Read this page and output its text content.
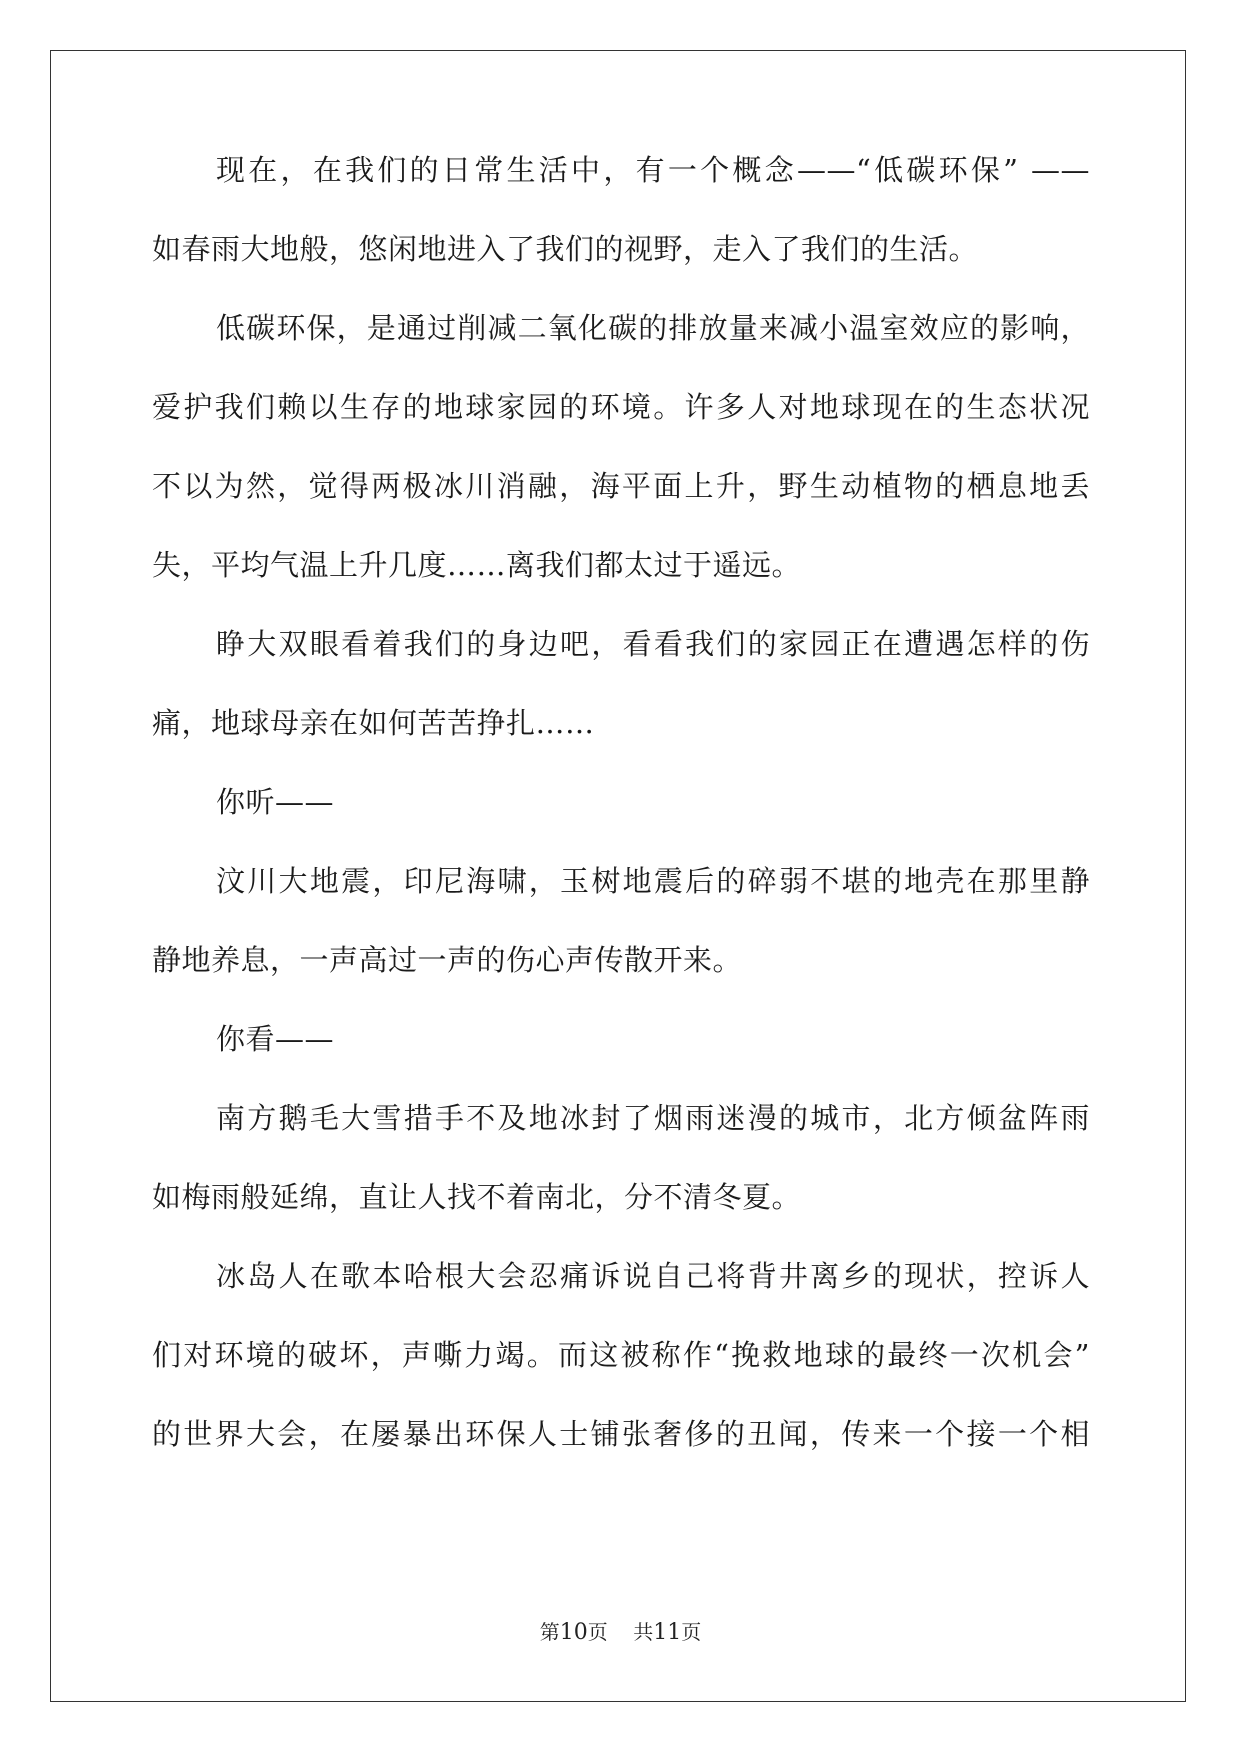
现在，在我们的日常生活中，有一个概念——“低碳环保” ——
如春雨大地般，悠闲地进入了我们的视野，走入了我们的生活。
低碳环保，是通过削减二氧化碳的排放量来减小温室效应的影响，
爱护我们赖以生存的地球家园的环境。许多人对地球现在的生态状况
不以为然，觉得两极冰川消融，海平面上升，野生动植物的栖息地丢
失，平均气温上升几度……离我们都太过于遥远。
睁大双眼看着我们的身边吧，看看我们的家园正在遭遇怎样的伤
痛，地球母亲在如何苦苦挣扎……
你听——
汶川大地震，印尼海啸，玉树地震后的碎弱不堪的地壳在那里静
静地养息，一声高过一声的伤心声传散开来。
你看——
南方鹅毛大雪措手不及地冰封了烟雨迷漫的城市，北方倾盆阵雨
如梅雨般延绵，直让人找不着南北，分不清冬夏。
冰岛人在歌本哈根大会忍痛诉说自己将背井离乡的现状，控诉人
们对环境的破坏，声嘶力竭。而这被称作“挽救地球的最终一次机会”
的世界大会，在屡暴出环保人士铺张奢侈的丑闻，传来一个接一个相
第10页 共11页
